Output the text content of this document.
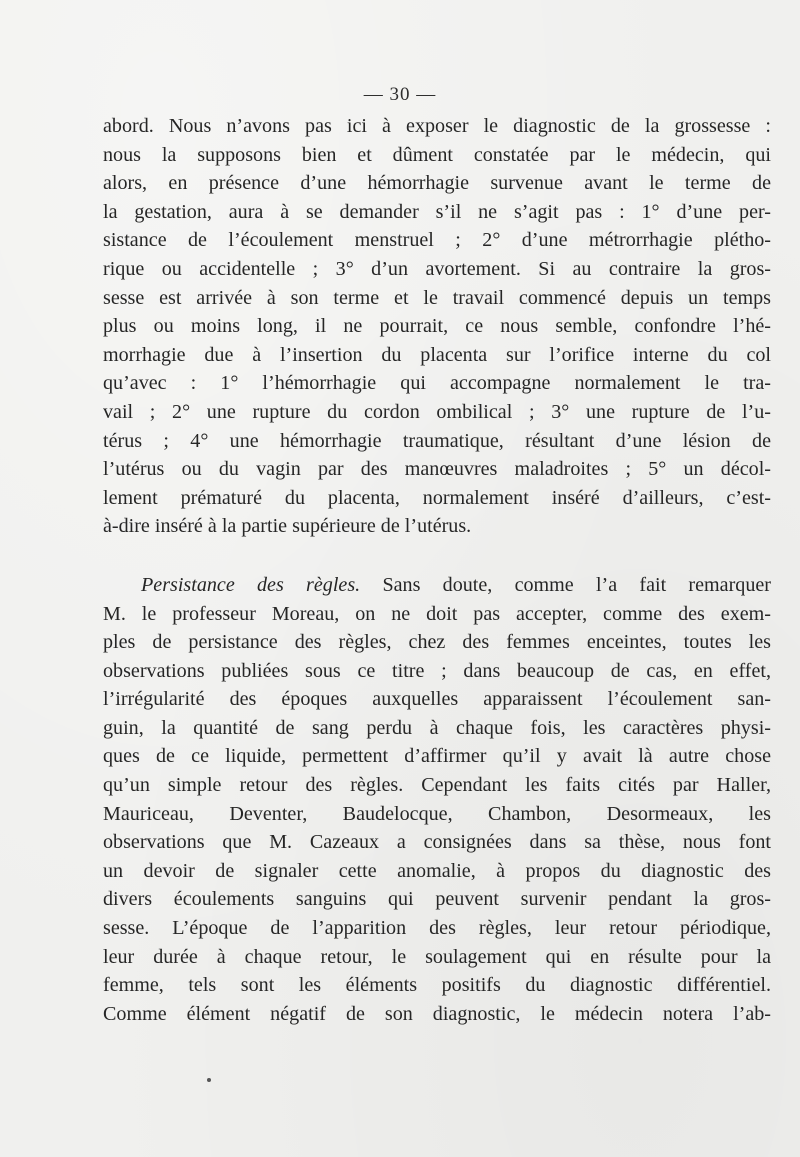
— 30 —

abord. Nous n’avons pas ici à exposer le diagnostic de la grossesse :

nous la supposons bien et dûment constatée par le médecin, qui

alors, en présence d’une hémorrhagie survenue avant le terme de

la gestation, aura à se demander s’il ne s’agit pas : 1° d’une per-

sistance de l’écoulement menstruel ; 2° d’une métrorrhagie plétho-

rique ou accidentelle ; 3° d’un avortement. Si au contraire la gros-

sesse est arrivée à son terme et le travail commencé depuis un temps

plus ou moins long, il ne pourrait, ce nous semble, confondre l’hé-

morrhagie due à l’insertion du placenta sur l’orifice interne du col

qu’avec : 1° l’hémorrhagie qui accompagne normalement le tra-

vail ; 2° une rupture du cordon ombilical ; 3° une rupture de l’u-

térus ; 4° une hémorrhagie traumatique, résultant d’une lésion de

l’utérus ou du vagin par des manœuvres maladroites ; 5° un décol-

lement prématuré du placenta, normalement inséré d’ailleurs, c’est-

à-dire inséré à la partie supérieure de l’utérus.

Persistance des règles. Sans doute, comme l’a fait remarquer

M. le professeur Moreau, on ne doit pas accepter, comme des exem-

ples de persistance des règles, chez des femmes enceintes, toutes les

observations publiées sous ce titre ; dans beaucoup de cas, en effet,

l’irrégularité des époques auxquelles apparaissent l’écoulement san-

guin, la quantité de sang perdu à chaque fois, les caractères physi-

ques de ce liquide, permettent d’affirmer qu’il y avait là autre chose

qu’un simple retour des règles. Cependant les faits cités par Haller,

Mauriceau, Deventer, Baudelocque, Chambon, Desormeaux, les

observations que M. Cazeaux a consignées dans sa thèse, nous font

un devoir de signaler cette anomalie, à propos du diagnostic des

divers écoulements sanguins qui peuvent survenir pendant la gros-

sesse. L’époque de l’apparition des règles, leur retour périodique,

leur durée à chaque retour, le soulagement qui en résulte pour la

femme, tels sont les éléments positifs du diagnostic différentiel.

Comme élément négatif de son diagnostic, le médecin notera l’ab-
